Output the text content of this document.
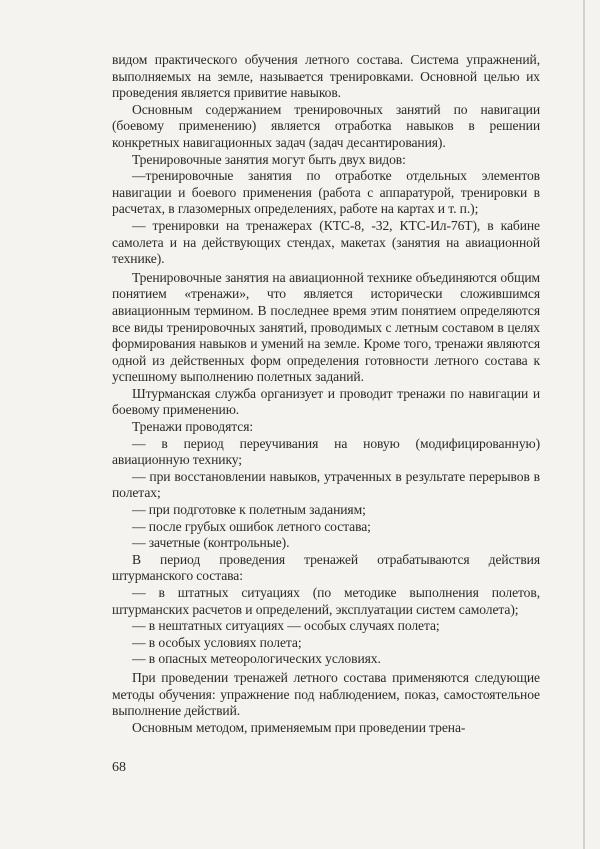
видом практического обучения летного состава. Система упражнений, выполняемых на земле, называется тренировками. Основной целью их проведения является привитие навыков.

Основным содержанием тренировочных занятий по навигации (боевому применению) является отработка навыков в решении конкретных навигационных задач (задач десантирования).

Тренировочные занятия могут быть двух видов:

—тренировочные занятия по отработке отдельных элементов навигации и боевого применения (работа с аппаратурой, тренировки в расчетах, в глазомерных определениях, работе на картах и т. п.);

— тренировки на тренажерах (КТС-8, -32, КТС-Ил-76Т), в кабине самолета и на действующих стендах, макетах (занятия на авиационной технике).

Тренировочные занятия на авиационной технике объединяются общим понятием «тренажи», что является исторически сложившимся авиационным термином. В последнее время этим понятием определяются все виды тренировочных занятий, проводимых с летным составом в целях формирования навыков и умений на земле. Кроме того, тренажи являются одной из действенных форм определения готовности летного состава к успешному выполнению полетных заданий.

Штурманская служба организует и проводит тренажи по навигации и боевому применению.

Тренажи проводятся:

— в период переучивания на новую (модифицированную) авиационную технику;

— при восстановлении навыков, утраченных в результате перерывов в полетах;

— при подготовке к полетным заданиям;

— после грубых ошибок летного состава;

— зачетные (контрольные).

В период проведения тренажей отрабатываются действия штурманского состава:

— в штатных ситуациях (по методике выполнения полетов, штурманских расчетов и определений, эксплуатации систем самолета);

— в нештатных ситуациях — особых случаях полета;

— в особых условиях полета;

— в опасных метеорологических условиях.

При проведении тренажей летного состава применяются следующие методы обучения: упражнение под наблюдением, показ, самостоятельное выполнение действий.

Основным методом, применяемым при проведении трена-

68
